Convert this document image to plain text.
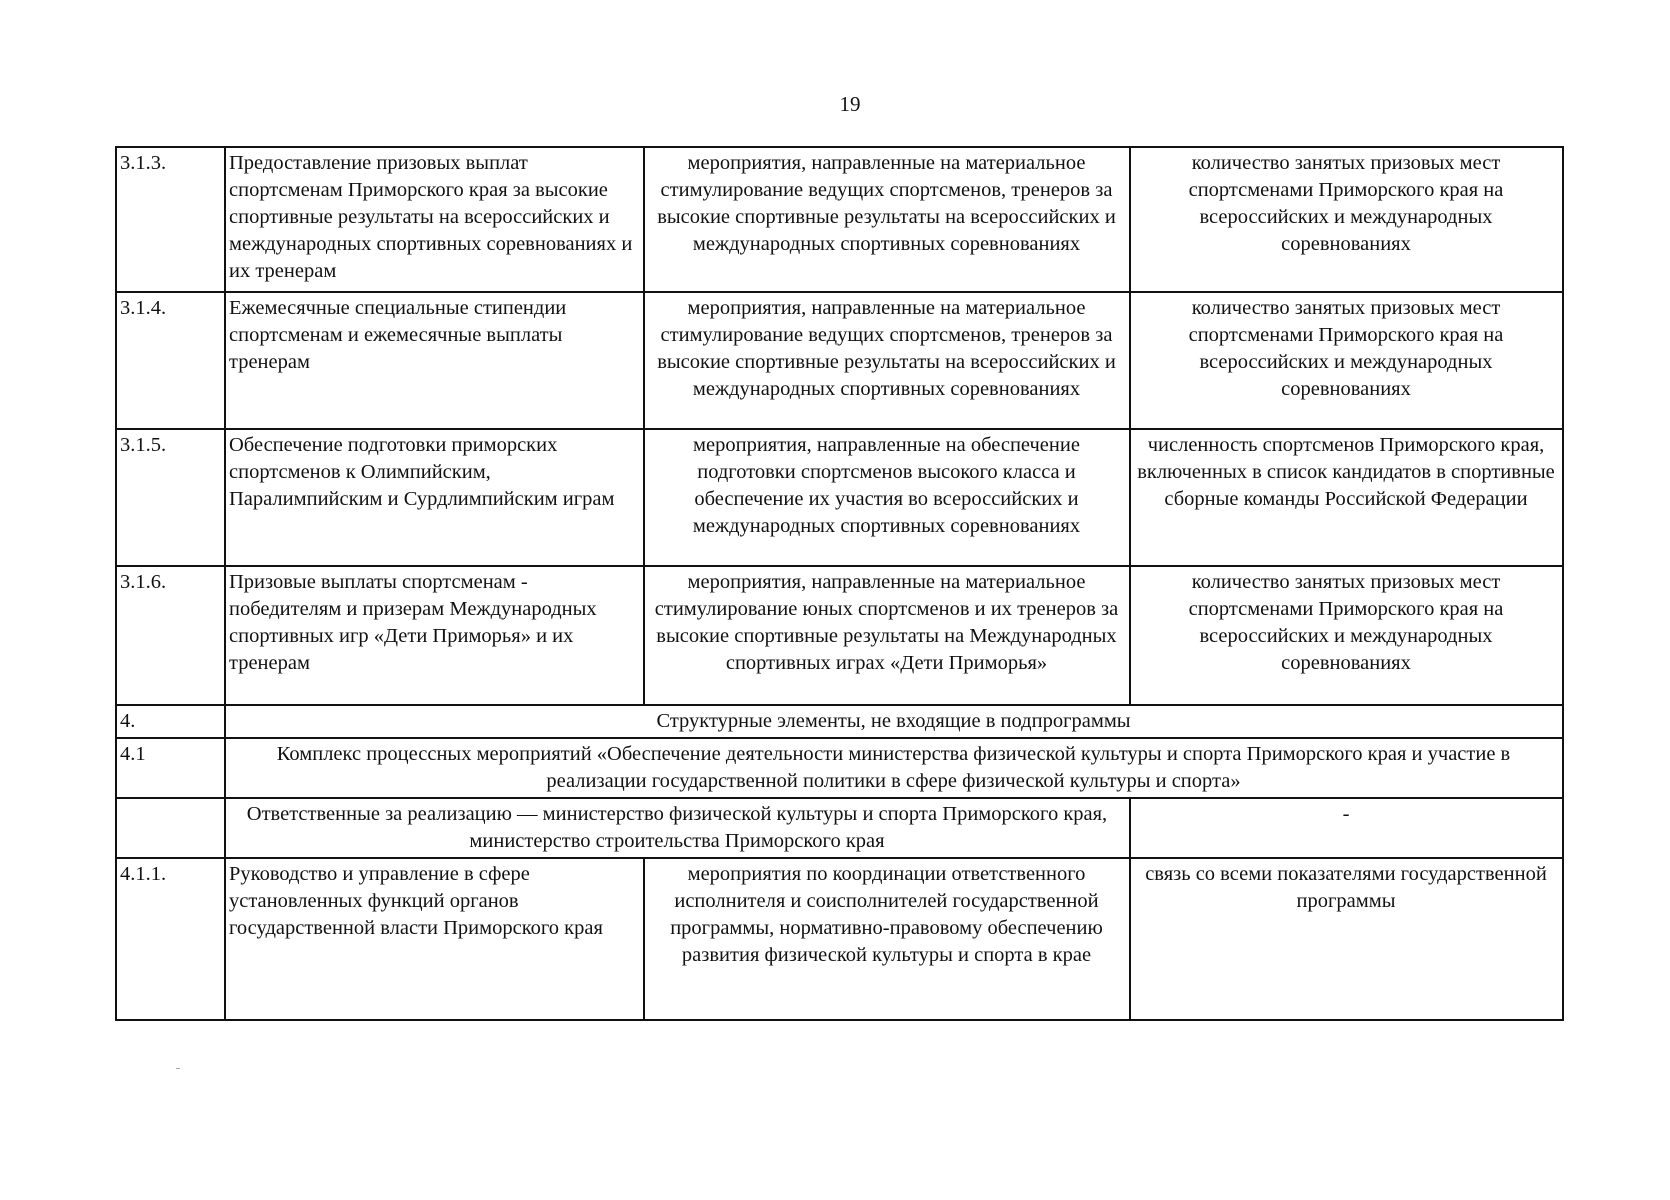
19
3.1.3.	Предоставление призовых выплат спортсменам Приморского края за высокие спортивные результаты на всероссийских и международных спортивных соревнованиях и их тренерам	мероприятия, направленные на материальное стимулирование ведущих спортсменов, тренеров за высокие спортивные результаты на всероссийских и международных спортивных соревнованиях	количество занятых призовых мест спортсменами Приморского края на всероссийских и международных соревнованиях
3.1.4.	Ежемесячные специальные стипендии спортсменам и ежемесячные выплаты тренерам	мероприятия, направленные на материальное стимулирование ведущих спортсменов, тренеров за высокие спортивные результаты на всероссийских и международных спортивных соревнованиях	количество занятых призовых мест спортсменами Приморского края на всероссийских и международных соревнованиях
3.1.5.	Обеспечение подготовки приморских спортсменов к Олимпийским, Паралимпийским и Сурдлимпийским играм	мероприятия, направленные на обеспечение подготовки спортсменов высокого класса и обеспечение их участия во всероссийских и международных спортивных соревнованиях	численность спортсменов Приморского края, включенных в список кандидатов в спортивные сборные команды Российской Федерации
3.1.6.	Призовые выплаты спортсменам - победителям и призерам Международных спортивных игр «Дети Приморья» и их тренерам	мероприятия, направленные на материальное стимулирование юных спортсменов и их тренеров за высокие спортивные результаты на Международных спортивных играх «Дети Приморья»	количество занятых призовых мест спортсменами Приморского края на всероссийских и международных соревнованиях
4.	Структурные элементы, не входящие в подпрограммы		
4.1	Комплекс процессных мероприятий «Обеспечение деятельности министерства физической культуры и спорта Приморского края и участие в реализации государственной политики в сфере физической культуры и спорта»		
	Ответственные за реализацию –– министерство физической культуры и спорта Приморского края, министерство строительства Приморского края		-
4.1.1.	Руководство и управление в сфере установленных функций органов государственной власти Приморского края	мероприятия по координации ответственного исполнителя и соисполнителей государственной программы, нормативно-правовому обеспечению развития физической культуры и спорта в крае	связь со всеми показателями государственной программы
